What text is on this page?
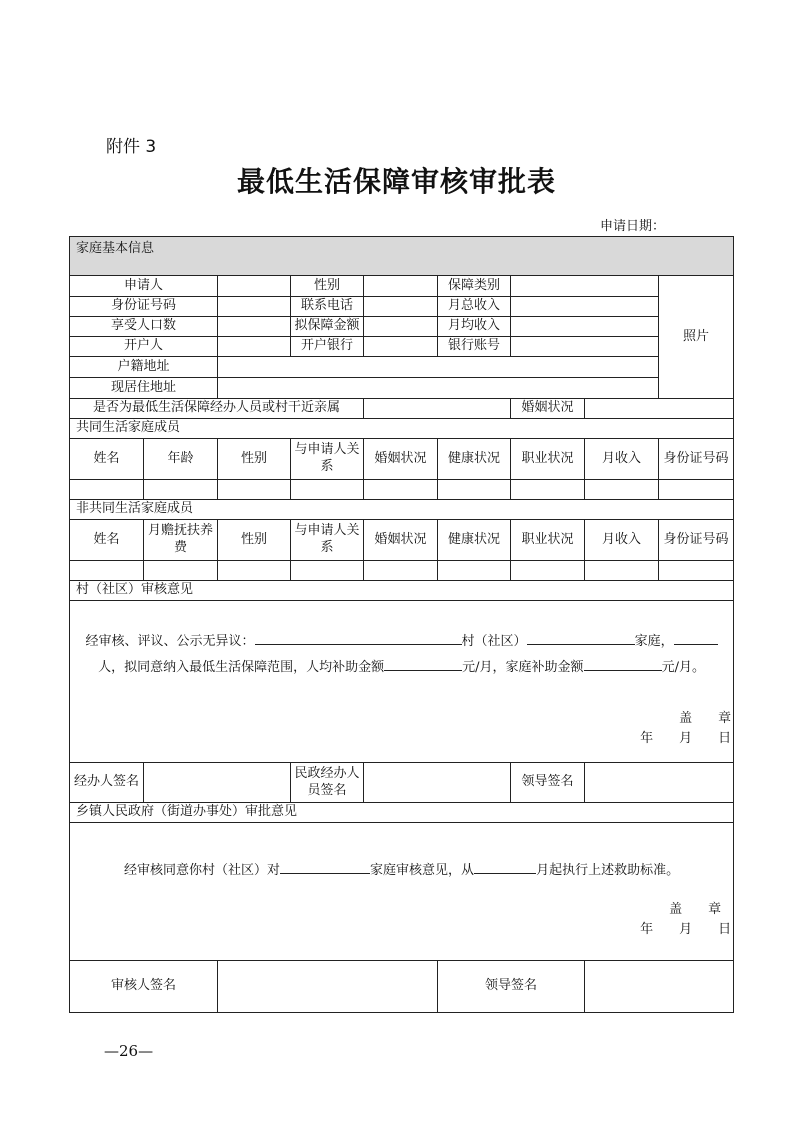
附件 3
最低生活保障审核审批表
申请日期：
家庭基本信息								
申请人			性别		保障类别			照片
身份证号码			联系电话		月总收入			
享受人口数			拟保障金额		月均收入			
开户人			开户银行		银行账号			
户籍地址								
现居住地址								
是否为最低生活保障经办人员或村干近亲属						婚姻状况		
共同生活家庭成员								
姓名	年龄	性别	与申请人关系	婚姻状况	健康状况	职业状况	月收入	身份证号码

非共同生活家庭成员								
姓名	月赡抚扶养费	性别	与申请人关系	婚姻状况	健康状况	职业状况	月收入	身份证号码

村（社区）审核意见								

经审核、评议、公示无异议： 村（社区） 家庭，
人，拟同意纳入最低生活保障范围，人均补助金额 元/月，家庭补助金额 元/月。
盖　　章
年　　月　　日								

经办人签名			民政经办人员签名			领导签名		
乡镇人民政府（街道办事处）审批意见								

经审核同意你村（社区）对 家庭审核意见，从 月起执行上述救助标准。
盖　　章
年　　月　　日								

审核人签名					领导签名			
—26—
